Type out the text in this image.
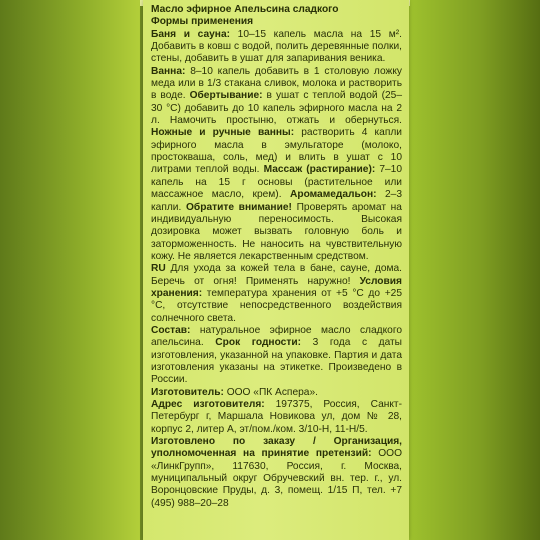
Масло эфирное Апельсина сладкого

Формы применения

Баня и сауна: 10–15 капель масла на 15 м². Добавить в ковш с водой, полить деревянные полки, стены, добавить в ушат для запаривания веника.

Ванна: 8–10 капель добавить в 1 столовую ложку меда или в 1/3 стакана сливок, молока и растворить в воде. Обертывание: в ушат с теплой водой (25–30 °С) добавить до 10 капель эфирного масла на 2 л. Намочить простыню, отжать и обернуться. Ножные и ручные ванны: растворить 4 капли эфирного масла в эмульгаторе (молоко, простокваша, соль, мед) и влить в ушат с 10 литрами теплой воды. Массаж (растирание): 7–10 капель на 15 г основы (растительное или массажное масло, крем). Аромамедальон: 2–3 капли. Обратите внимание! Проверять аромат на индивидуальную переносимость. Высокая дозировка может вызвать головную боль и заторможенность. Не наносить на чувствительную кожу. Не является лекарственным средством.

RU Для ухода за кожей тела в бане, сауне, дома. Беречь от огня! Применять наружно! Условия хранения: температура хранения от +5 °С до +25 °С, отсутствие непосредственного воздействия солнечного света.

Состав: натуральное эфирное масло сладкого апельсина. Срок годности: 3 года с даты изготовления, указанной на упаковке. Партия и дата изготовления указаны на этикетке. Произведено в России.

Изготовитель: ООО «ПК Аспера».

Адрес изготовителя: 197375, Россия, Санкт-Петербург г, Маршала Новикова ул, дом № 28, корпус 2, литер А, эт/пом./ком. 3/10-Н, 11-Н/5.

Изготовлено по заказу / Организация, уполномоченная на принятие претензий: ООО «ЛинкГрупп», 117630, Россия, г. Москва, муниципальный округ Обручевский вн. тер. г., ул. Воронцовские Пруды, д. 3, помещ. 1/15 П, тел. +7 (495) 988–20–28
